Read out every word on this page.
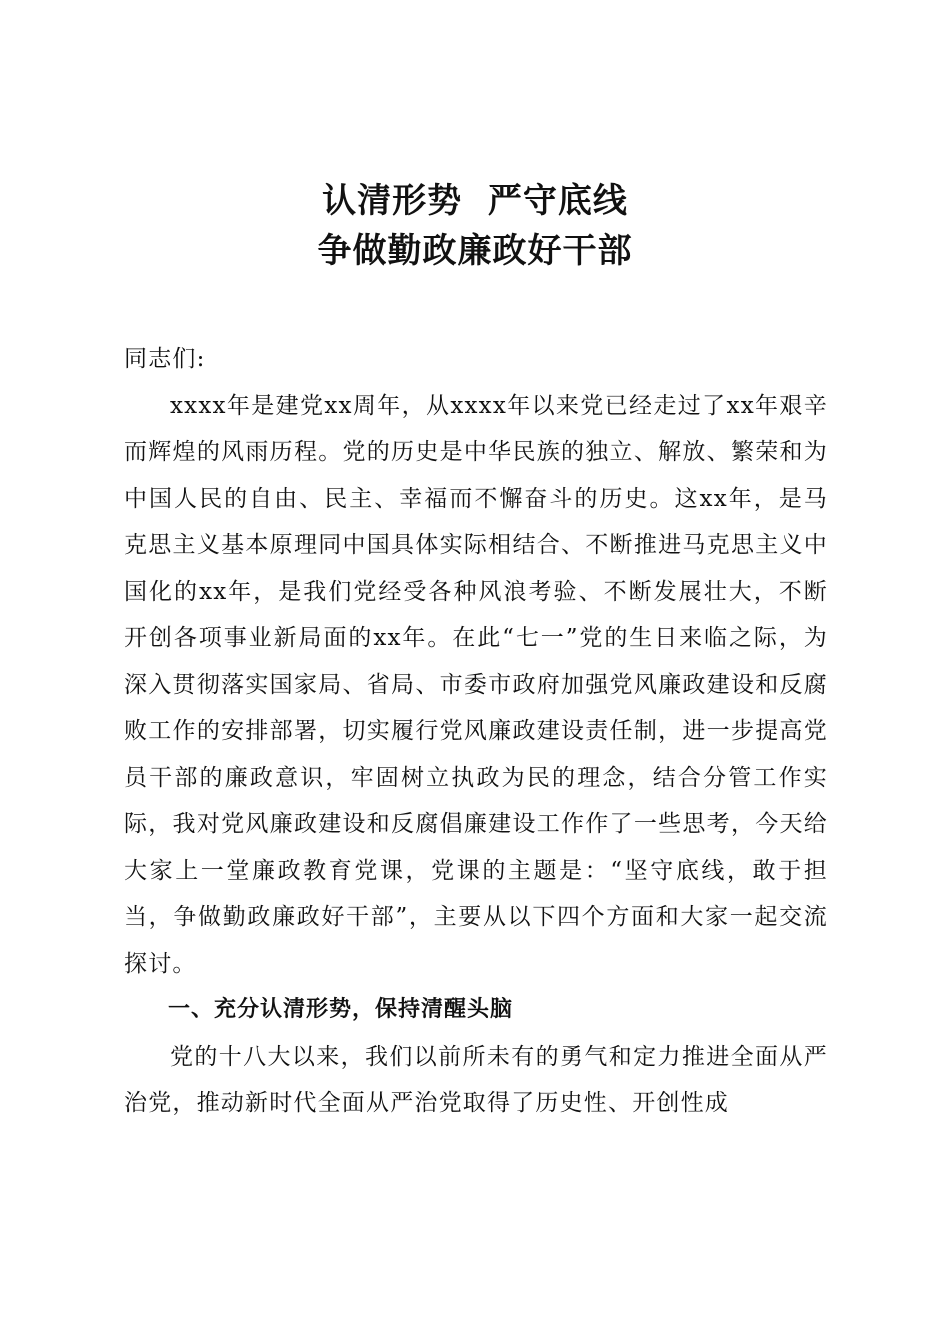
认清形势  严守底线
争做勤政廉政好干部

同志们:

xxxx年是建党xx周年，从xxxx年以来党已经走过了xx年艰辛而辉煌的风雨历程。党的历史是中华民族的独立、解放、繁荣和为中国人民的自由、民主、幸福而不懈奋斗的历史。这xx年，是马克思主义基本原理同中国具体实际相结合、不断推进马克思主义中国化的xx年，是我们党经受各种风浪考验、不断发展壮大，不断开创各项事业新局面的xx年。在此“七一”党的生日来临之际，为深入贯彻落实国家局、省局、市委市政府加强党风廉政建设和反腐败工作的安排部署，切实履行党风廉政建设责任制，进一步提高党员干部的廉政意识，牢固树立执政为民的理念，结合分管工作实际，我对党风廉政建设和反腐倡廉建设工作作了一些思考，今天给大家上一堂廉政教育党课，党课的主题是：“坚守底线，敢于担当，争做勤政廉政好干部”，主要从以下四个方面和大家一起交流探讨。

一、充分认清形势，保持清醒头脑

党的十八大以来，我们以前所未有的勇气和定力推进全面从严治党，推动新时代全面从严治党取得了历史性、开创性成
